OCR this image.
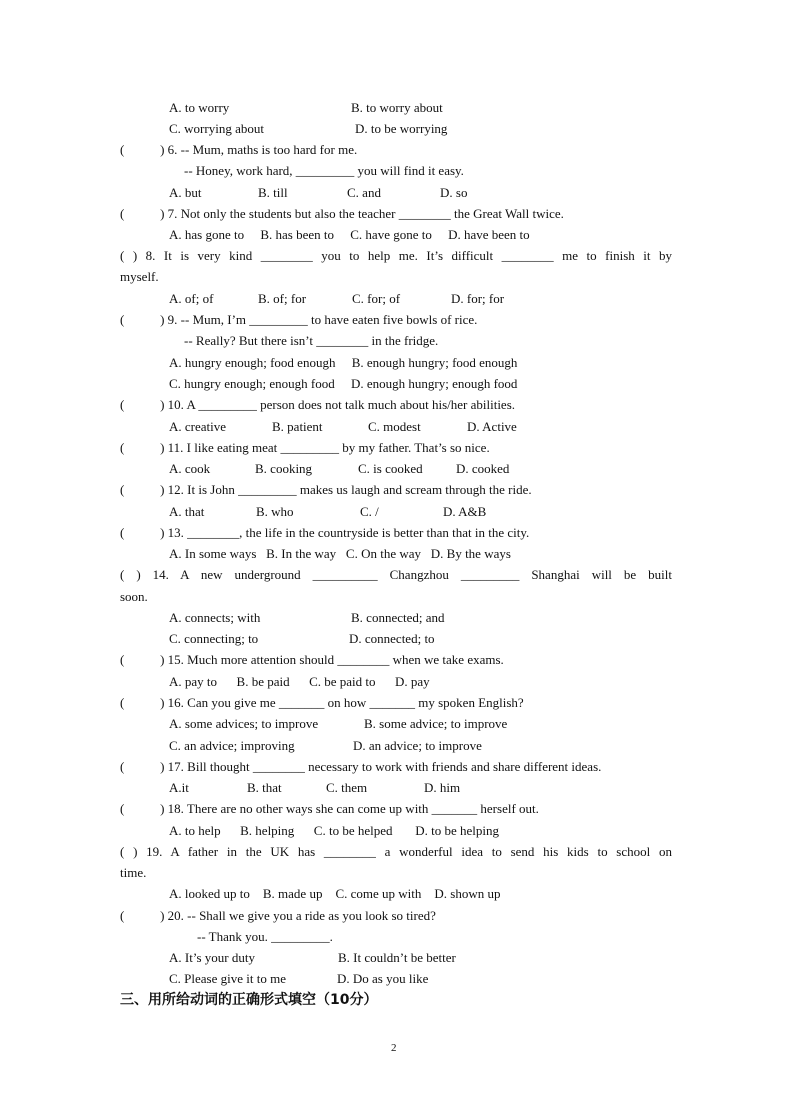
A. to worry	B. to worry about
C. worrying about	D. to be worrying
(           ) 6. -- Mum, maths is too hard for me.
-- Honey, work hard, _________ you will find it easy.
A. but	B. till	C. and	D. so
(           ) 7. Not only the students but also the teacher ________ the Great Wall twice.
A. has gone to     B. has been to     C. have gone to     D. have been to
( ) 8. It is very kind ________ you to help me. It’s difficult ________ me to finish it by
myself.
A. of; of	B. of; for	C. for; of	D. for; for
(           ) 9. -- Mum, I’m _________ to have eaten five bowls of rice.
-- Really? But there isn’t ________ in the fridge.
A. hungry enough; food enough     B. enough hungry; food enough
C. hungry enough; enough food     D. enough hungry; enough food
(           ) 10. A _________ person does not talk much about his/her abilities.
A. creative	B. patient	C. modest	D. Active
(           ) 11. I like eating meat _________ by my father. That’s so nice.
A. cook	B. cooking	C. is cooked	D. cooked
(           ) 12. It is John _________ makes us laugh and scream through the ride.
A. that	B. who	C. /	D. A&B
(           ) 13. ________, the life in the countryside is better than that in the city.
A. In some ways   B. In the way   C. On the way   D. By the ways
( ) 14. A new underground __________ Changzhou _________ Shanghai will be built
soon.
A. connects; with	B. connected; and
C. connecting; to	D. connected; to
(           ) 15. Much more attention should ________ when we take exams.
A. pay to      B. be paid      C. be paid to      D. pay
(           ) 16. Can you give me _______ on how _______ my spoken English?
A. some advices; to improve	B. some advice; to improve
C. an advice; improving	D. an advice; to improve
(           ) 17. Bill thought ________ necessary to work with friends and share different ideas.
A.it	B. that	C. them	D. him
(           ) 18. There are no other ways she can come up with _______ herself out.
A. to help      B. helping      C. to be helped       D. to be helping
( ) 19. A father in the UK has ________ a wonderful idea to send his kids to school on
time.
A. looked up to    B. made up    C. come up with    D. shown up
(           ) 20. -- Shall we give you a ride as you look so tired?
-- Thank you. _________.
A. It’s your duty	B. It couldn’t be better
C. Please give it to me	D. Do as you like
三、用所给动词的正确形式填空（10分）
2
